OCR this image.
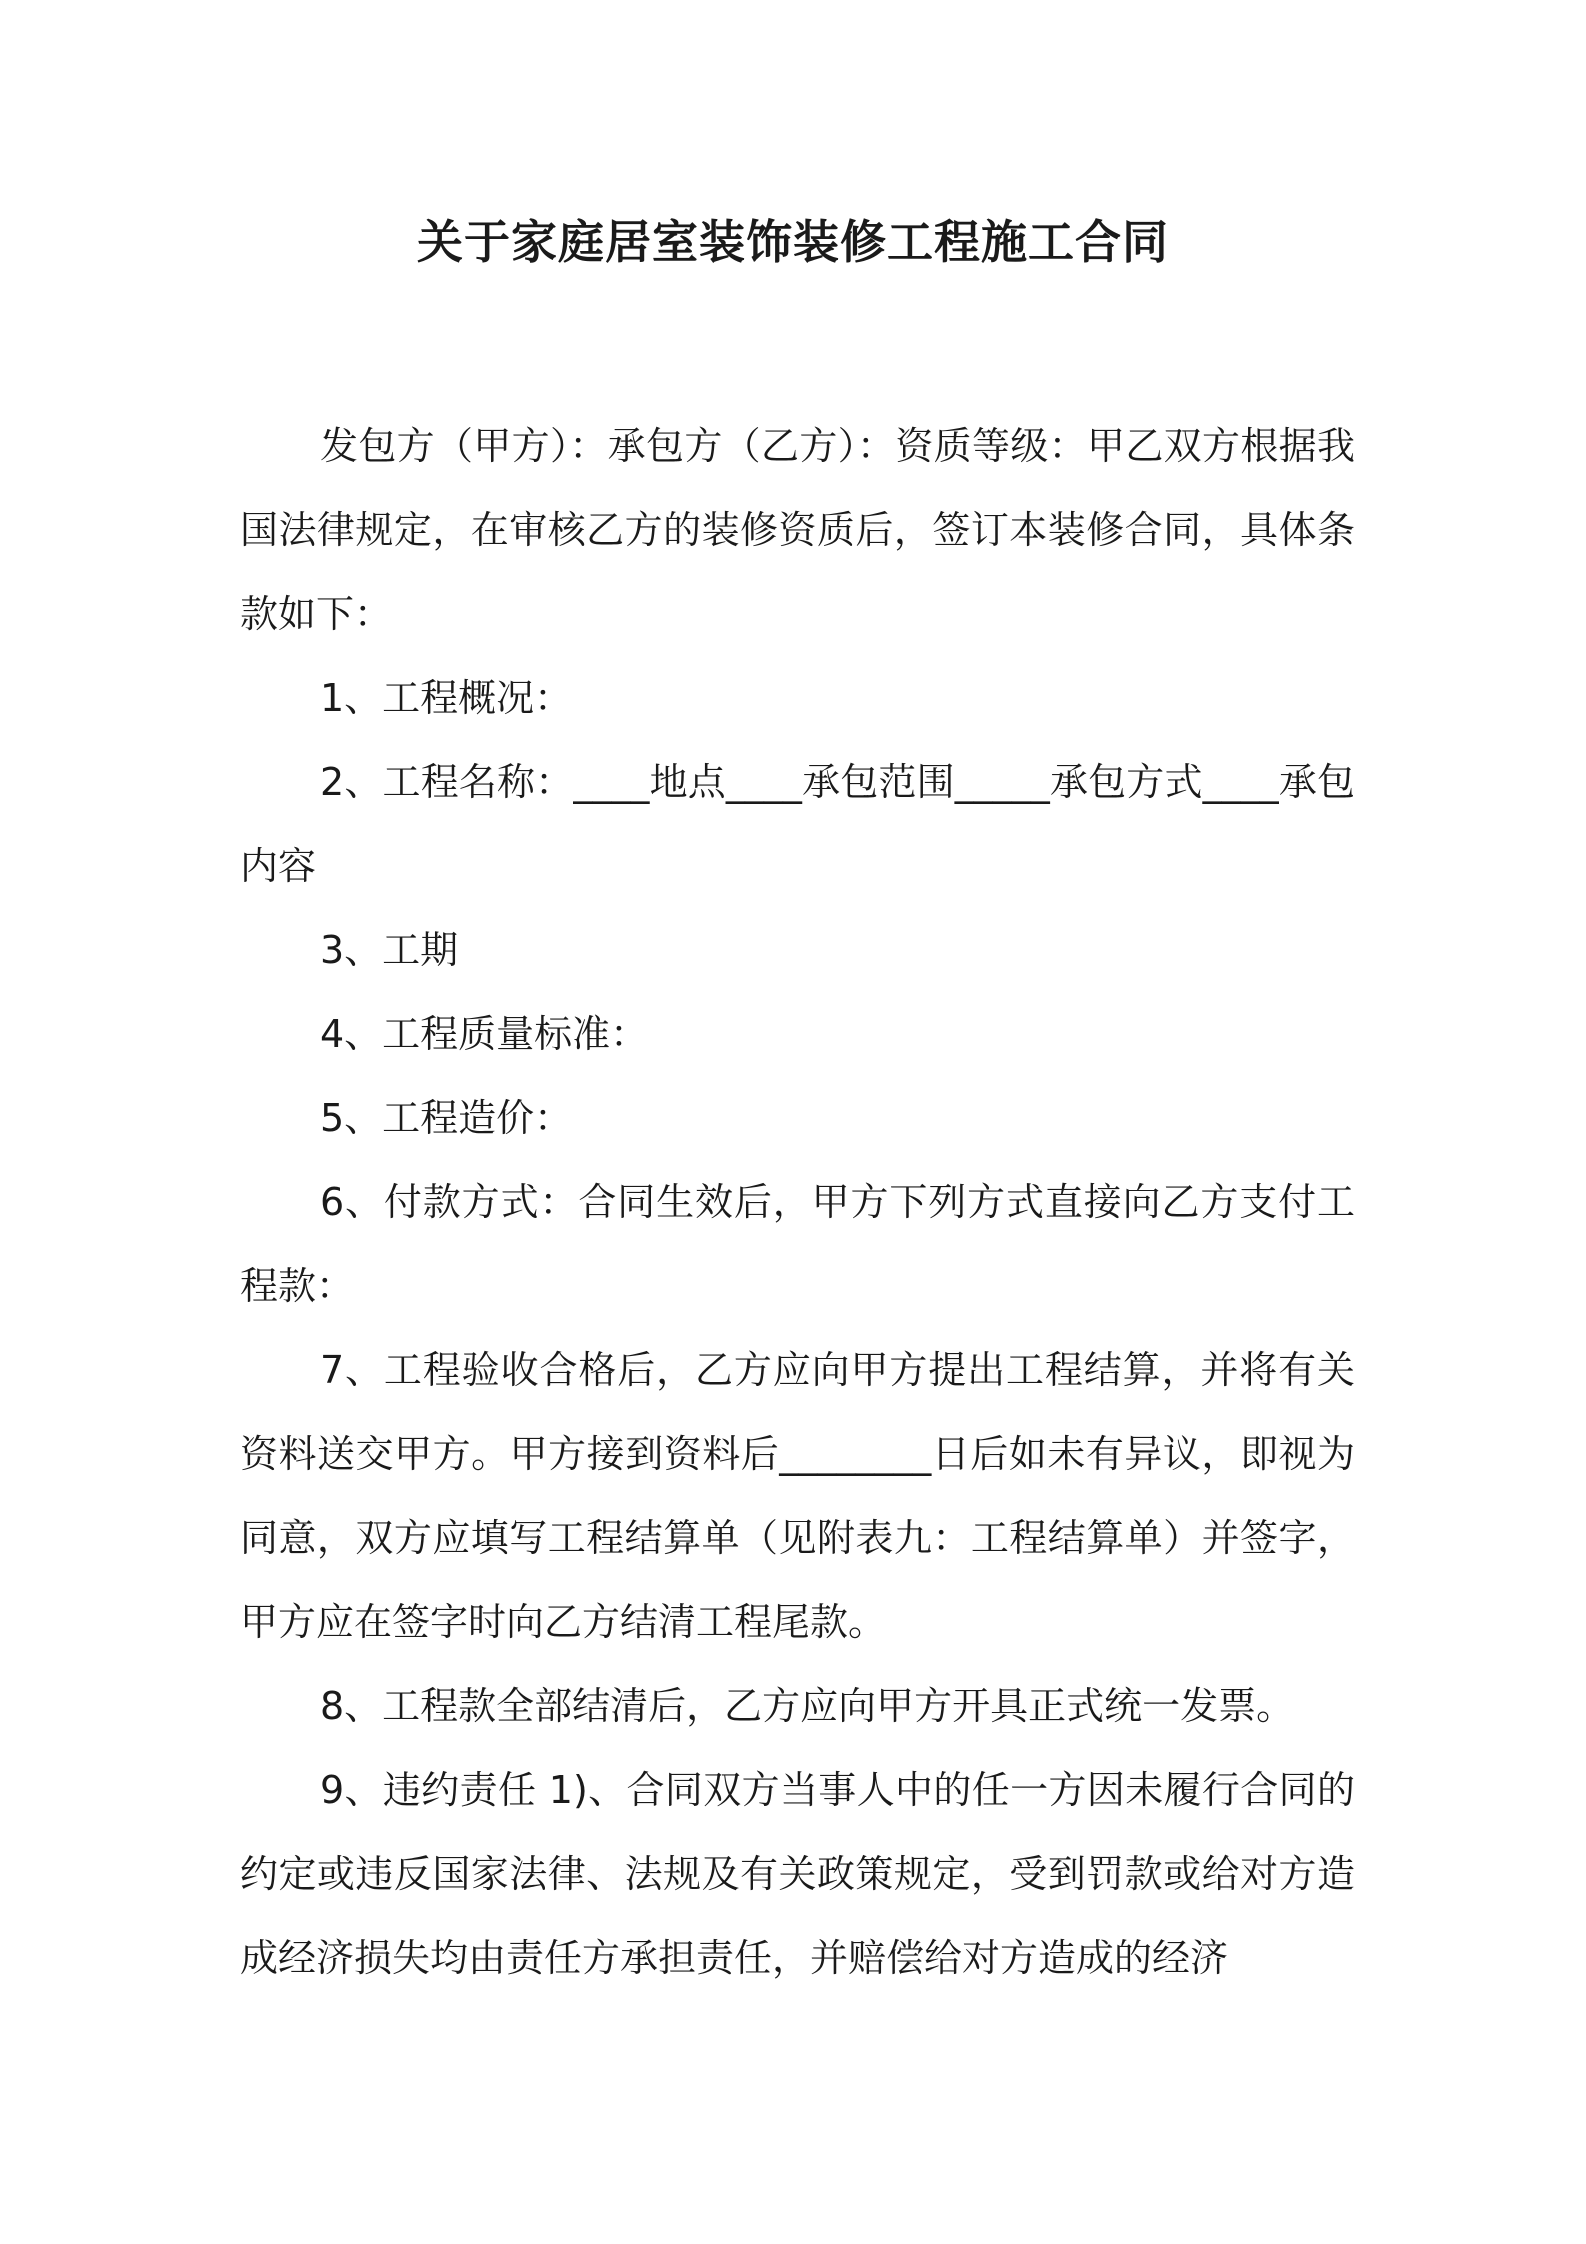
关于家庭居室装饰装修工程施工合同

发包方（甲方）：承包方（乙方）：资质等级：甲乙双方根据我国法律规定，在审核乙方的装修资质后，签订本装修合同，具体条款如下：

1、工程概况：

2、工程名称：____地点____承包范围_____承包方式____承包内容

3、工期

4、工程质量标准：

5、工程造价：

6、付款方式：合同生效后，甲方下列方式直接向乙方支付工程款：

7、工程验收合格后，乙方应向甲方提出工程结算，并将有关资料送交甲方。甲方接到资料后________日后如未有异议，即视为同意，双方应填写工程结算单（见附表九：工程结算单）并签字，甲方应在签字时向乙方结清工程尾款。

8、工程款全部结清后，乙方应向甲方开具正式统一发票。

9、违约责任 1)、合同双方当事人中的任一方因未履行合同的约定或违反国家法律、法规及有关政策规定，受到罚款或给对方造成经济损失均由责任方承担责任，并赔偿给对方造成的经济
